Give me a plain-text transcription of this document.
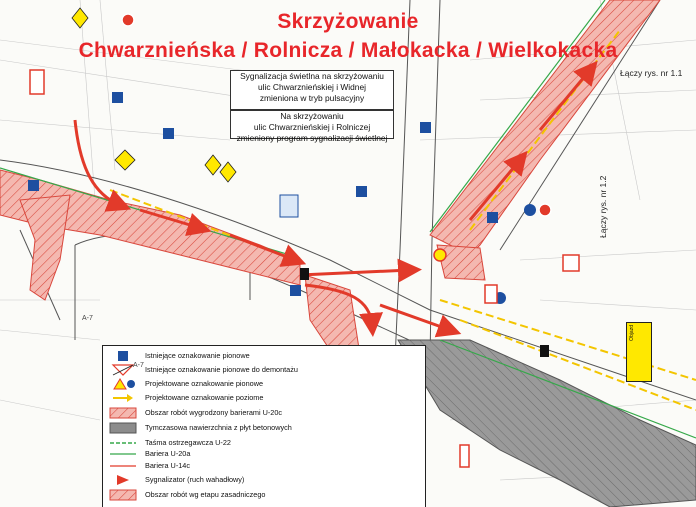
Skrzyżowanie
Chwarznieńska / Rolnicza / Małokacka / Wielkokacka
Sygnalizacja świetlna na skrzyżowaniu
ulic Chwarznieńskiej i Widnej
zmieniona w tryb pulsacyjny
Na skrzyżowaniu
ulic Chwarznieńskiej i Rolniczej
zmieniony program sygnalizacji świetlnej
Łączy rys. nr 1.1
Łączy rys. nr 1.2
A-7
Objazd
Istniejące oznakowanie pionowe
A-7 Istniejące oznakowanie pionowe do demontażu
Projektowane oznakowanie pionowe
Projektowane oznakowanie poziome
Obszar robót wygrodzony barierami U-20c
Tymczasowa nawierzchnia z płyt betonowych
Taśma ostrzegawcza U-22
Bariera U-20a
Bariera U-14c
Sygnalizator (ruch wahadłowy)
Obszar robót wg etapu zasadniczego
